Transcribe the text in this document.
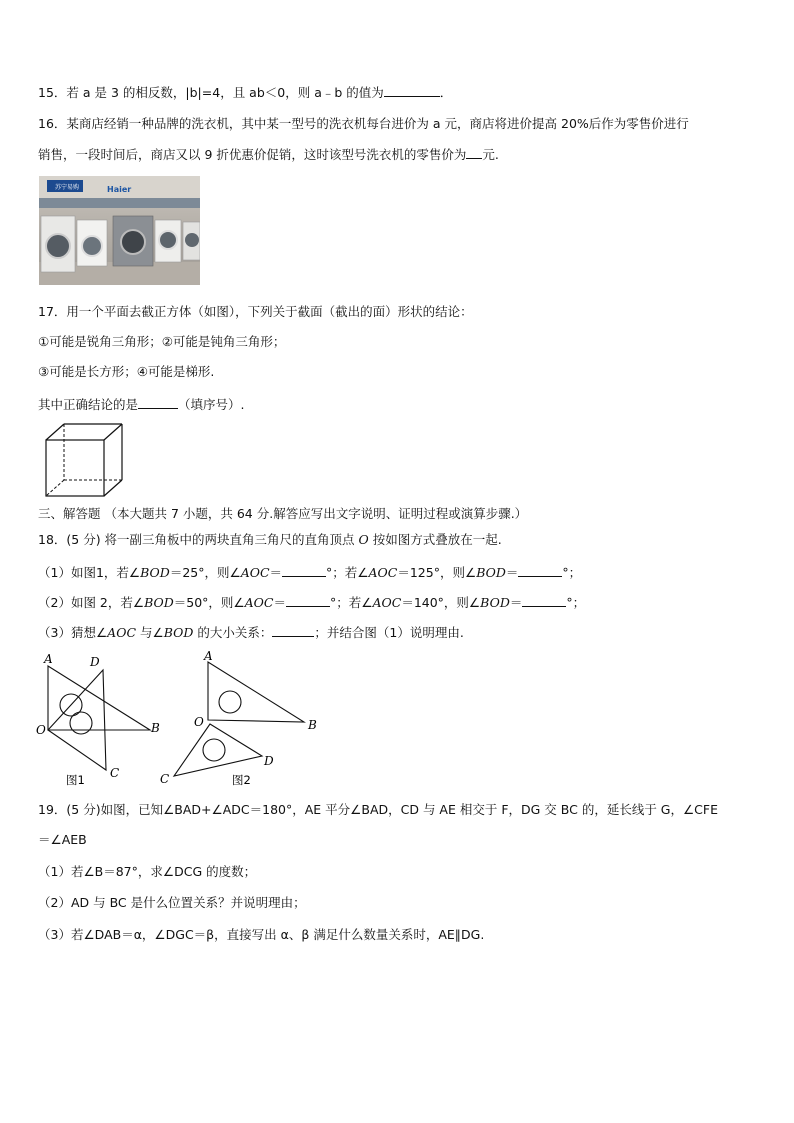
15．若 a 是 3 的相反数，|b|=4，且 ab＜0，则 a﹣b 的值为	．
16．某商店经销一种品牌的洗衣机，其中某一型号的洗衣机每台进价为 a 元，商店将进价提高 20%后作为零售价进行
销售，一段时间后，商店又以 9 折优惠价促销，这时该型号洗衣机的零售价为 元.
苏宁易购	Haier
17．用一个平面去截正方体（如图），下列关于截面（截出的面）形状的结论：
①可能是锐角三角形；②可能是钝角三角形；
③可能是长方形；④可能是梯形.
其中正确结论的是	（填序号）.
三、解答题 （本大题共 7 小题，共 64 分.解答应写出文字说明、证明过程或演算步骤.）
18．(5 分) 将一副三角板中的两块直角三角尺的直角顶点 O 按如图方式叠放在一起.
（1）如图1，若∠BOD＝25°，则∠AOC＝	°；若∠AOC＝125°，则∠BOD＝	°；
（2）如图 2，若∠BOD＝50°，则∠AOC＝	°；若∠AOC＝140°，则∠BOD＝	°；
（3）猜想∠AOC 与∠BOD 的大小关系：	；并结合图（1）说明理由.
A	D
O	B
C
图1
A
O	B
D
C	图2
19．(5 分)如图，已知∠BAD+∠ADC＝180°，AE 平分∠BAD，CD 与 AE 相交于 F，DG 交 BC 的，延长线于 G，∠CFE
＝∠AEB
（1）若∠B＝87°，求∠DCG 的度数；
（2）AD 与 BC 是什么位置关系？并说明理由；
（3）若∠DAB＝α，∠DGC＝β，直接写出 α、β 满足什么数量关系时，AE∥DG.
